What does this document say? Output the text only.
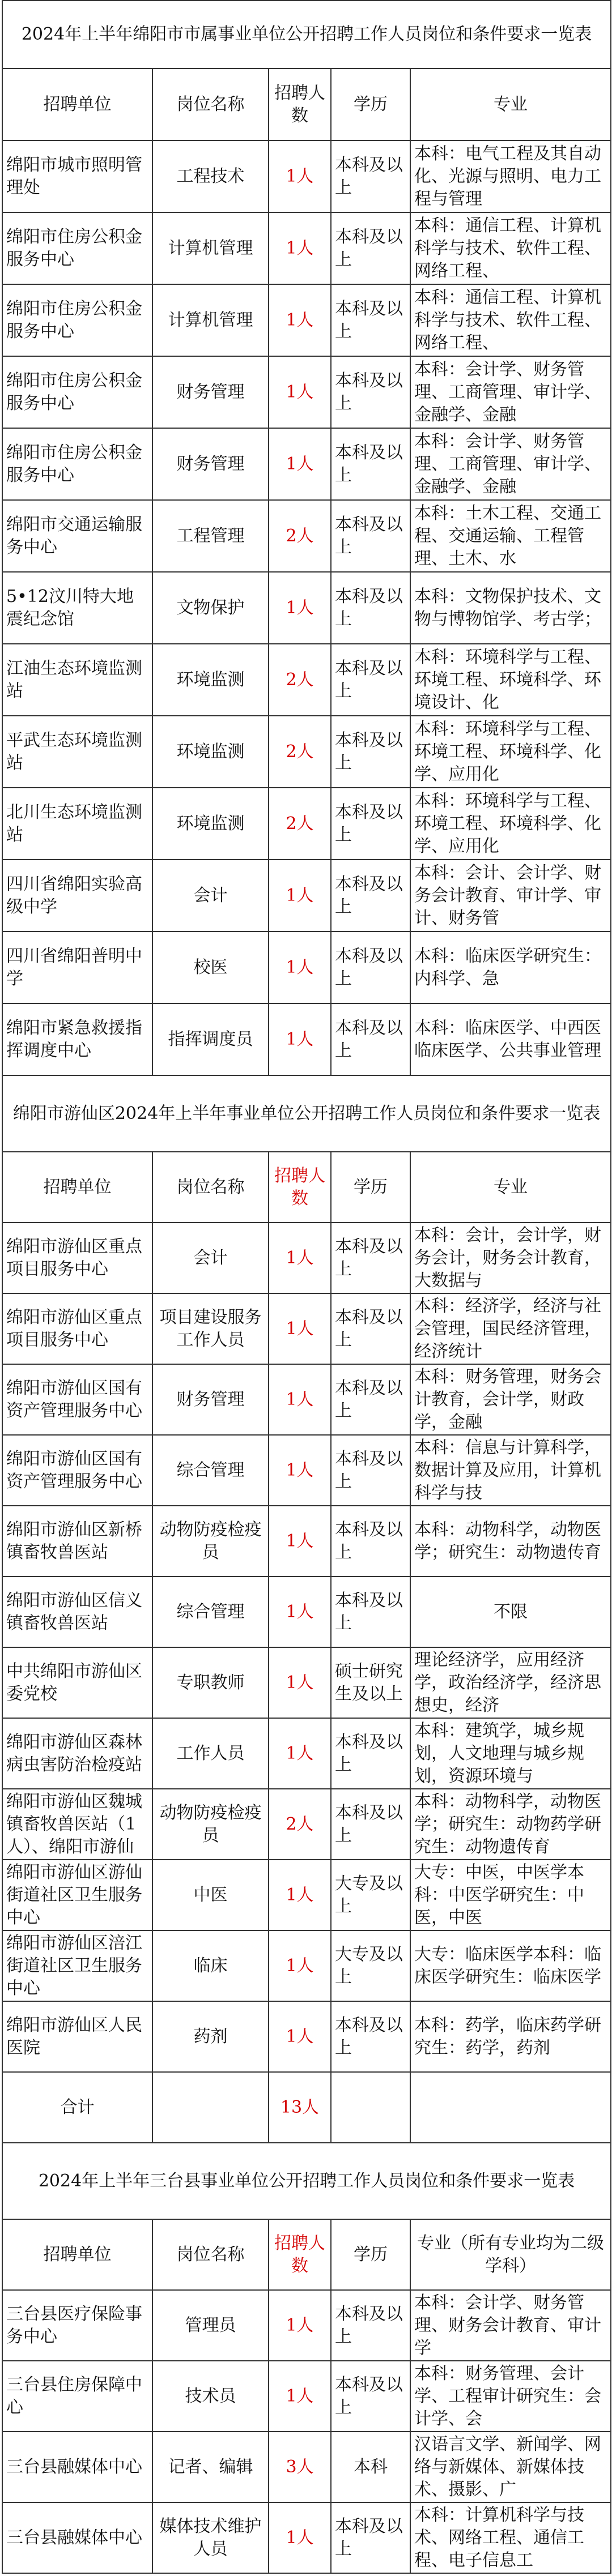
2024年上半年绵阳市市属事业单位公开招聘工作人员岗位和条件要求一览表				
招聘单位	岗位名称	招聘人数	学历	专业
绵阳市城市照明管理处	工程技术	1人	本科及以上	本科：电气工程及其自动化、光源与照明、电力工程与管理
绵阳市住房公积金服务中心	计算机管理	1人	本科及以上	本科：通信工程、计算机科学与技术、软件工程、网络工程、
绵阳市住房公积金服务中心	计算机管理	1人	本科及以上	本科：通信工程、计算机科学与技术、软件工程、网络工程、
绵阳市住房公积金服务中心	财务管理	1人	本科及以上	本科：会计学、财务管理、工商管理、审计学、金融学、金融
绵阳市住房公积金服务中心	财务管理	1人	本科及以上	本科：会计学、财务管理、工商管理、审计学、金融学、金融
绵阳市交通运输服务中心	工程管理	2人	本科及以上	本科：土木工程、交通工程、交通运输、工程管理、土木、水
5•12汶川特大地震纪念馆	文物保护	1人	本科及以上	本科：文物保护技术、文物与博物馆学、考古学；
江油生态环境监测站	环境监测	2人	本科及以上	本科：环境科学与工程、环境工程、环境科学、环境设计、化
平武生态环境监测站	环境监测	2人	本科及以上	本科：环境科学与工程、环境工程、环境科学、化学、应用化
北川生态环境监测站	环境监测	2人	本科及以上	本科：环境科学与工程、环境工程、环境科学、化学、应用化
四川省绵阳实验高级中学	会计	1人	本科及以上	本科：会计、会计学、财务会计教育、审计学、审计、财务管
四川省绵阳普明中学	校医	1人	本科及以上	本科：临床医学研究生：内科学、急
绵阳市紧急救援指挥调度中心	指挥调度员	1人	本科及以上	本科：临床医学、中西医临床医学、公共事业管理
绵阳市游仙区2024年上半年事业单位公开招聘工作人员岗位和条件要求一览表				
招聘单位	岗位名称	招聘人数	学历	专业
绵阳市游仙区重点项目服务中心	会计	1人	本科及以上	本科：会计，会计学，财务会计，财务会计教育，大数据与
绵阳市游仙区重点项目服务中心	项目建设服务工作人员	1人	本科及以上	本科：经济学，经济与社会管理，国民经济管理，经济统计
绵阳市游仙区国有资产管理服务中心	财务管理	1人	本科及以上	本科：财务管理，财务会计教育，会计学，财政学，金融
绵阳市游仙区国有资产管理服务中心	综合管理	1人	本科及以上	本科：信息与计算科学，数据计算及应用，计算机科学与技
绵阳市游仙区新桥镇畜牧兽医站	动物防疫检疫员	1人	本科及以上	本科：动物科学，动物医学；研究生：动物遗传育
绵阳市游仙区信义镇畜牧兽医站	综合管理	1人	本科及以上	不限
中共绵阳市游仙区委党校	专职教师	1人	硕士研究生及以上	理论经济学，应用经济学，政治经济学，经济思想史，经济
绵阳市游仙区森林病虫害防治检疫站	工作人员	1人	本科及以上	本科：建筑学，城乡规划，人文地理与城乡规划，资源环境与
绵阳市游仙区魏城镇畜牧兽医站（1人）、绵阳市游仙	动物防疫检疫员	2人	本科及以上	本科：动物科学，动物医学；研究生：动物药学研究生：动物遗传育
绵阳市游仙区游仙街道社区卫生服务中心	中医	1人	大专及以上	大专：中医，中医学本科：中医学研究生：中医，中医
绵阳市游仙区涪江街道社区卫生服务中心	临床	1人	大专及以上	大专：临床医学本科：临床医学研究生：临床医学
绵阳市游仙区人民医院	药剂	1人	本科及以上	本科：药学，临床药学研究生：药学，药剂
合计		13人		
2024年上半年三台县事业单位公开招聘工作人员岗位和条件要求一览表				
招聘单位	岗位名称	招聘人数	学历	专业（所有专业均为二级学科）
三台县医疗保险事务中心	管理员	1人	本科及以上	本科：会计学、财务管理、财务会计教育、审计学
三台县住房保障中心	技术员	1人	本科及以上	本科：财务管理、会计学、工程审计研究生：会计学、会
三台县融媒体中心	记者、编辑	3人	本科	汉语言文学、新闻学、网络与新媒体、新媒体技术、摄影、广
三台县融媒体中心	媒体技术维护人员	1人	本科及以上	本科：计算机科学与技术、网络工程、通信工程、电子信息工
